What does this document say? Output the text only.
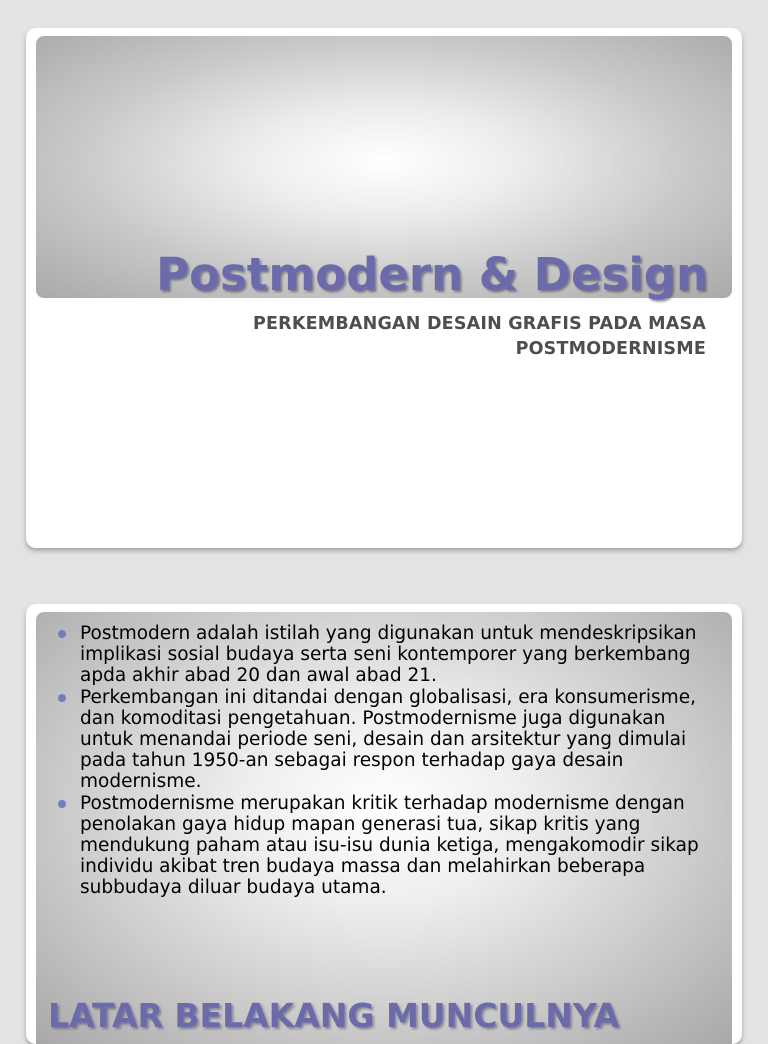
Postmodern & Design

PERKEMBANGAN DESAIN GRAFIS PADA MASA POSTMODERNISME

Postmodern adalah istilah yang digunakan untuk mendeskripsikan implikasi sosial budaya serta seni kontemporer yang berkembang apda akhir abad 20 dan awal abad 21.
Perkembangan ini ditandai dengan globalisasi, era konsumerisme, dan komoditasi pengetahuan. Postmodernisme juga digunakan untuk menandai periode seni, desain dan arsitektur yang dimulai pada tahun 1950-an sebagai respon terhadap gaya desain modernisme.
Postmodernisme merupakan kritik terhadap modernisme dengan penolakan gaya hidup mapan generasi tua, sikap kritis yang mendukung paham atau isu-isu dunia ketiga, mengakomodir sikap individu akibat tren budaya massa dan melahirkan beberapa subbudaya diluar budaya utama.
LATAR BELAKANG MUNCULNYA
